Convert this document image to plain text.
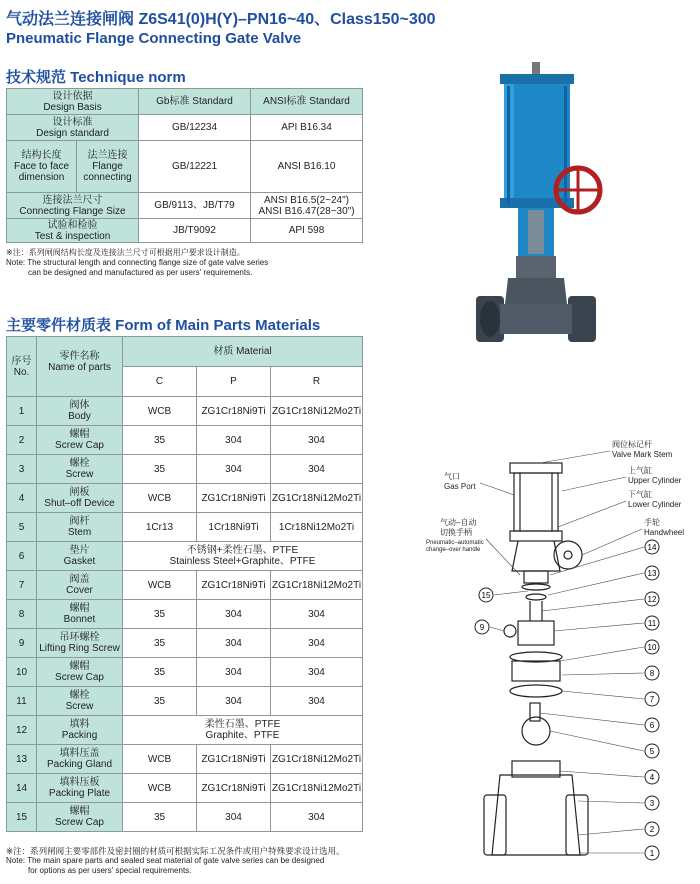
气动法兰连接闸阀 Z6S41(0)H(Y)–PN16~40、Class150~300
Pneumatic Flange Connecting Gate Valve
技术规范 Technique norm
设计依据
Design Basis		Gb标准 Standard	ANSI标准 Standard

设计标准
Design standard		GB/12234	API B16.34
结构长度
Face to face
dimension	法兰连接
Flange
connecting	GB/12221	ANSI B16.10

连接法兰尺寸
Connecting Flange Size		GB/9113、JB/T79	ANSI B16.5(2~24")
ANSI B16.47(28~30")

试验和检验
Test & inspection		JB/T9092	API 598
※注：系列闸阀结构长度及连接法兰尺寸可根据用户要求设计制造。
Note: The structural length and connecting flange size of gate valve series
can be designed and manufactured as per users' requirements.
主要零件材质表 Form of Main Parts Materials
序号
No.	零件名称
Name of parts	材质 Material		
		C	P	R
1	阀体
Body	WCB	ZG1Cr18Ni9Ti	ZG1Cr18Ni12Mo2Ti
2	螺帽
Screw Cap	35	304	304
3	螺栓
Screw	35	304	304
4	闸板
Shut–off Device	WCB	ZG1Cr18Ni9Ti	ZG1Cr18Ni12Mo2Ti
5	阀杆
Stem	1Cr13	1Cr18Ni9Ti	1Cr18Ni12Mo2Ti
6	垫片
Gasket	不锈钢+柔性石墨、PTFE
Stainless Steel+Graphite、PTFE		
7	阀盖
Cover	WCB	ZG1Cr18Ni9Ti	ZG1Cr18Ni12Mo2Ti
8	螺帽
Bonnet	35	304	304
9	吊环螺栓
Lifting Ring Screw	35	304	304
10	螺帽
Screw Cap	35	304	304
11	螺栓
Screw	35	304	304
12	填料
Packing	柔性石墨、PTFE
Graphite、PTFE		
13	填料压盖
Packing Gland	WCB	ZG1Cr18Ni9Ti	ZG1Cr18Ni12Mo2Ti
14	填料压板
Packing Plate	WCB	ZG1Cr18Ni9Ti	ZG1Cr18Ni12Mo2Ti
15	螺帽
Screw Cap	35	304	304
※注：系列闸阀主要零部件及密封圈的材质可根据实际工况条件或用户特殊要求设计选用。
Note: The main spare parts and sealed seat material of gate valve series can be designed
for options as per users' special requirements.
阀位标记杆
Valve Mark Stem
上气缸
Upper Cylinder
下气缸
Lower Cylinder
手轮
Handwheel
气口
Gas Port
气动–自动
切换手柄
Pneumatic–automatic
change–over handle	14
13
15	12
9	11
10
8
7
6
5
4
3
2
1
